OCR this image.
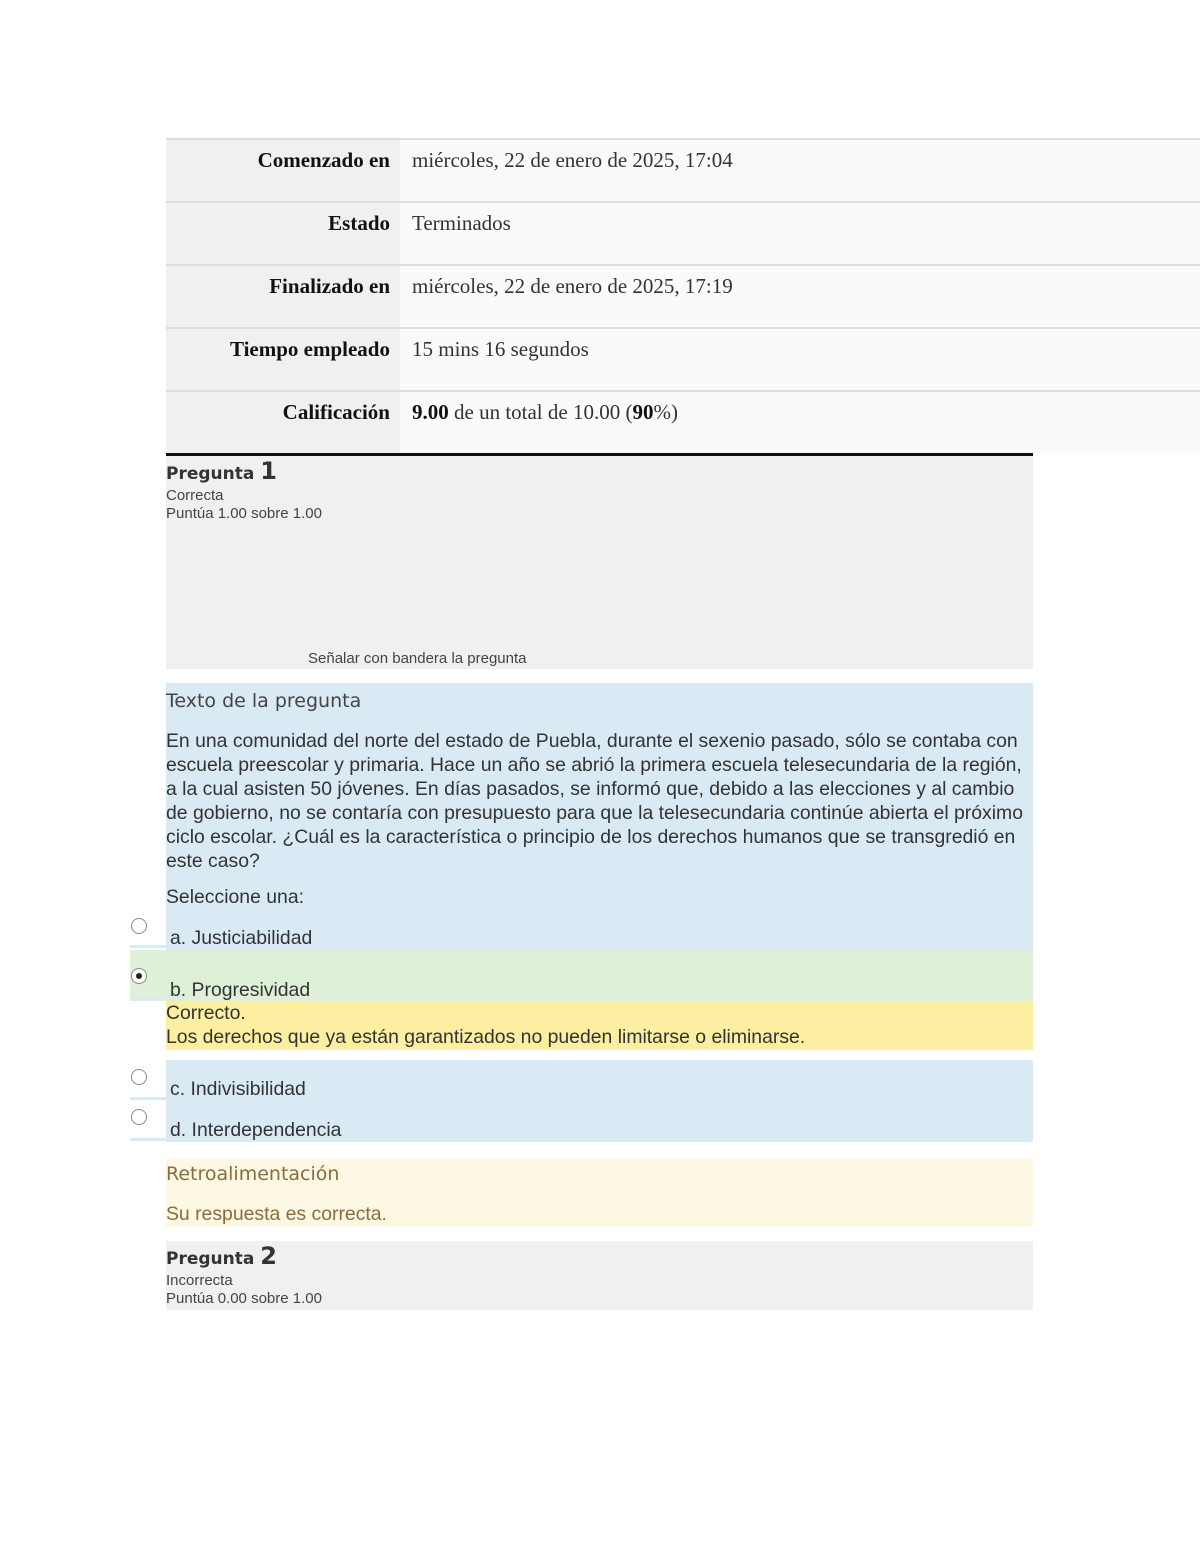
Comenzado en	miércoles, 22 de enero de 2025, 17:04
Estado	Terminados
Finalizado en	miércoles, 22 de enero de 2025, 17:19
Tiempo empleado	15 mins 16 segundos
Calificación	9.00 de un total de 10.00 (90%)
Pregunta 1
Correcta
Puntúa 1.00 sobre 1.00
Señalar con bandera la pregunta
Texto de la pregunta
En una comunidad del norte del estado de Puebla, durante el sexenio pasado, sólo se contaba con escuela preescolar y primaria. Hace un año se abrió la primera escuela telesecundaria de la región, a la cual asisten 50 jóvenes. En días pasados, se informó que, debido a las elecciones y al cambio de gobierno, no se contaría con presupuesto para que la telesecundaria continúe abierta el próximo ciclo escolar. ¿Cuál es la característica o principio de los derechos humanos que se transgredió en este caso?
Seleccione una:
a. Justiciabilidad
b. Progresividad
Correcto.
Los derechos que ya están garantizados no pueden limitarse o eliminarse.
c. Indivisibilidad
d. Interdependencia
Retroalimentación
Su respuesta es correcta.
Pregunta 2
Incorrecta
Puntúa 0.00 sobre 1.00
